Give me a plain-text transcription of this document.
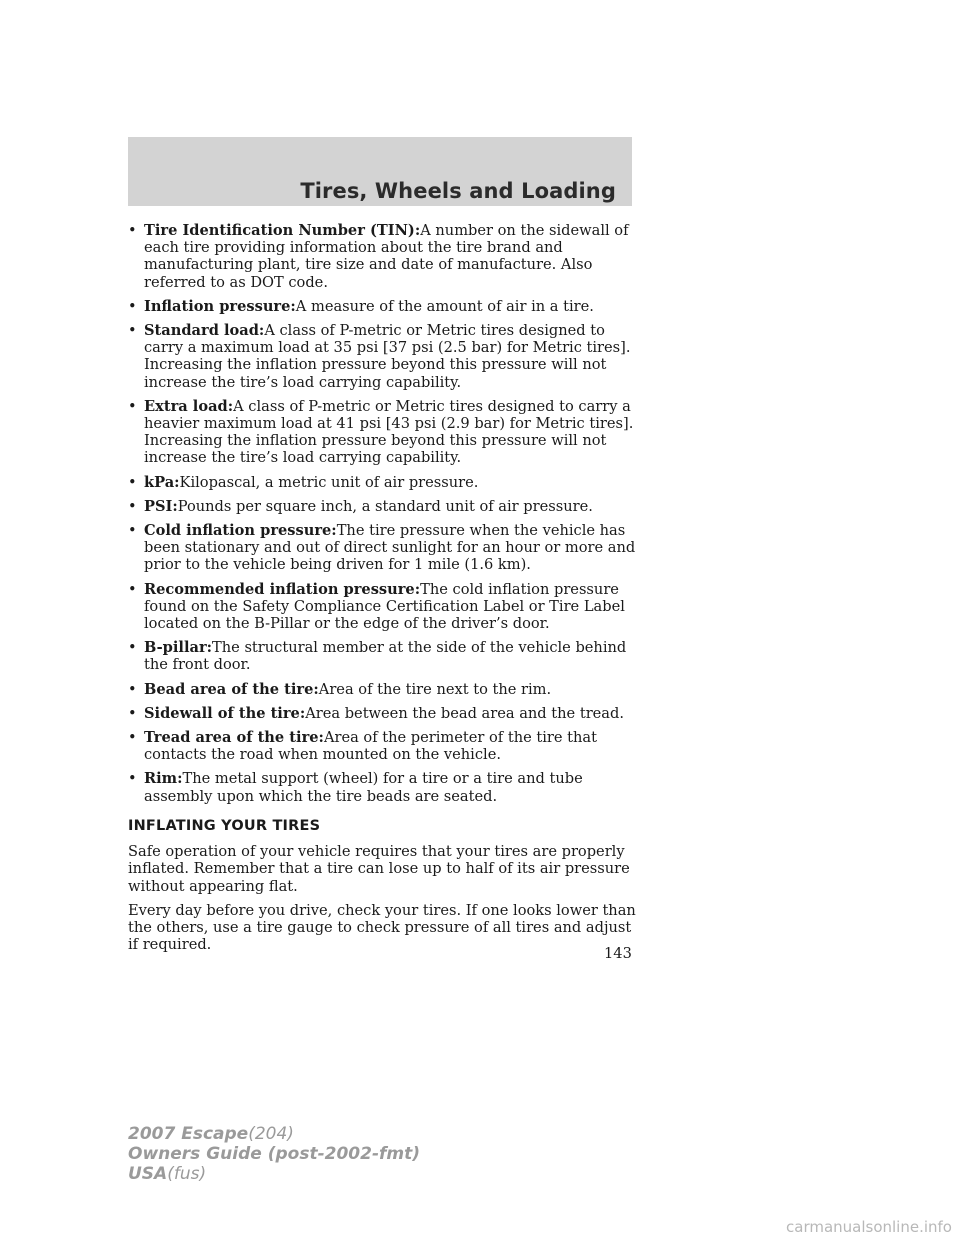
Tires, Wheels and Loading
• Tire Identification Number (TIN):A number on the sidewall of each tire providing information about the tire brand and manufacturing plant, tire size and date of manufacture. Also referred to as DOT code.
• Inflation pressure:A measure of the amount of air in a tire.
• Standard load:A class of P-metric or Metric tires designed to carry a maximum load at 35 psi [37 psi (2.5 bar) for Metric tires]. Increasing the inflation pressure beyond this pressure will not increase the tire’s load carrying capability.
• Extra load:A class of P-metric or Metric tires designed to carry a heavier maximum load at 41 psi [43 psi (2.9 bar) for Metric tires]. Increasing the inflation pressure beyond this pressure will not increase the tire’s load carrying capability.
• kPa:Kilopascal, a metric unit of air pressure.
• PSI:Pounds per square inch, a standard unit of air pressure.
• Cold inflation pressure:The tire pressure when the vehicle has been stationary and out of direct sunlight for an hour or more and prior to the vehicle being driven for 1 mile (1.6 km).
• Recommended inflation pressure:The cold inflation pressure found on the Safety Compliance Certification Label or Tire Label located on the B-Pillar or the edge of the driver’s door.
• B-pillar:The structural member at the side of the vehicle behind the front door.
• Bead area of the tire:Area of the tire next to the rim.
• Sidewall of the tire:Area between the bead area and the tread.
• Tread area of the tire:Area of the perimeter of the tire that contacts the road when mounted on the vehicle.
• Rim:The metal support (wheel) for a tire or a tire and tube assembly upon which the tire beads are seated.
INFLATING YOUR TIRES

Safe operation of your vehicle requires that your tires are properly inflated. Remember that a tire can lose up to half of its air pressure without appearing flat.

Every day before you drive, check your tires. If one looks lower than the others, use a tire gauge to check pressure of all tires and adjust if required.

143
2007 Escape(204)
Owners Guide (post-2002-fmt)
USA(fus)
carmanualsonline.info
